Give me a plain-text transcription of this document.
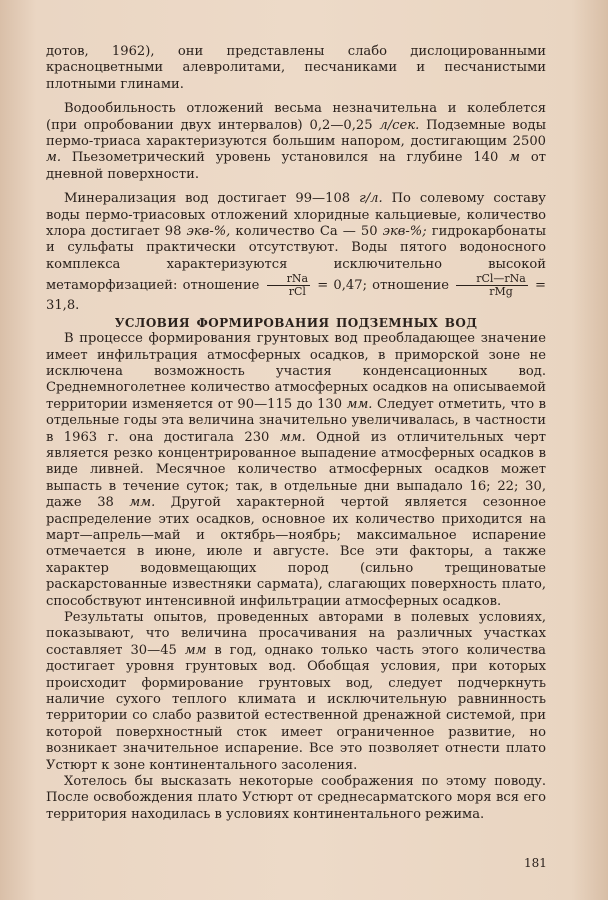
дотов, 1962), они представлены слабо дислоцированными красноцветными алевролитами, песчаниками и песчанистыми плотными глинами.

Водообильность отложений весьма незначительна и колеблется (при опробовании двух интервалов) 0,2—0,25 л/сек. Подземные воды пермо-триаса характеризуются большим напором, достигающим 2500 м. Пьезометрический уровень установился на глубине 140 м от дневной поверхности.

Минерализация вод достигает 99—108 г/л. По солевому составу воды пермо-триасовых отложений хлоридные кальциевые, количество хлора достигает 98 экв-%, количество Ca — 50 экв-%; гидрокарбонаты и сульфаты практически отсутствуют. Воды пятого водоносного комплекса характеризуются исключительно высокой метаморфизацией: отношение $\frac{\text{rNa}}{\text{rCl}} = 0,47$; отношение $\frac{\text{rCl—rNa}}{\text{rMg}} = 31,8$.

УСЛОВИЯ ФОРМИРОВАНИЯ ПОДЗЕМНЫХ ВОД

В процессе формирования грунтовых вод преобладающее значение имеет инфильтрация атмосферных осадков, в приморской зоне не исключена возможность участия конденсационных вод. Среднемноголетнее количество атмосферных осадков на описываемой территории изменяется от 90—115 до 130 мм. Следует отметить, что в отдельные годы эта величина значительно увеличивалась, в частности в 1963 г. она достигала 230 мм. Одной из отличительных черт является резко концентрированное выпадение атмосферных осадков в виде ливней. Месячное количество атмосферных осадков может выпасть в течение суток; так, в отдельные дни выпадало 16; 22; 30, даже 38 мм. Другой характерной чертой является сезонное распределение этих осадков, основное их количество приходится на март—апрель—май и октябрь—ноябрь; максимальное испарение отмечается в июне, июле и августе. Все эти факторы, а также характер водовмещающих пород (сильно трещиноватые раскарстованные известняки сармата), слагающих поверхность плато, способствуют интенсивной инфильтрации атмосферных осадков.

Результаты опытов, проведенных авторами в полевых условиях, показывают, что величина просачивания на различных участках составляет 30—45 мм в год, однако только часть этого количества достигает уровня грунтовых вод. Обобщая условия, при которых происходит формирование грунтовых вод, следует подчеркнуть наличие сухого теплого климата и исключительную равнинность территории со слабо развитой естественной дренажной системой, при которой поверхностный сток имеет ограниченное развитие, но возникает значительное испарение. Все это позволяет отнести плато Устюрт к зоне континентального засоления.

Хотелось бы высказать некоторые соображения по этому поводу. После освобождения плато Устюрт от среднесарматского моря вся его территория находилась в условиях континентального режима.

181
